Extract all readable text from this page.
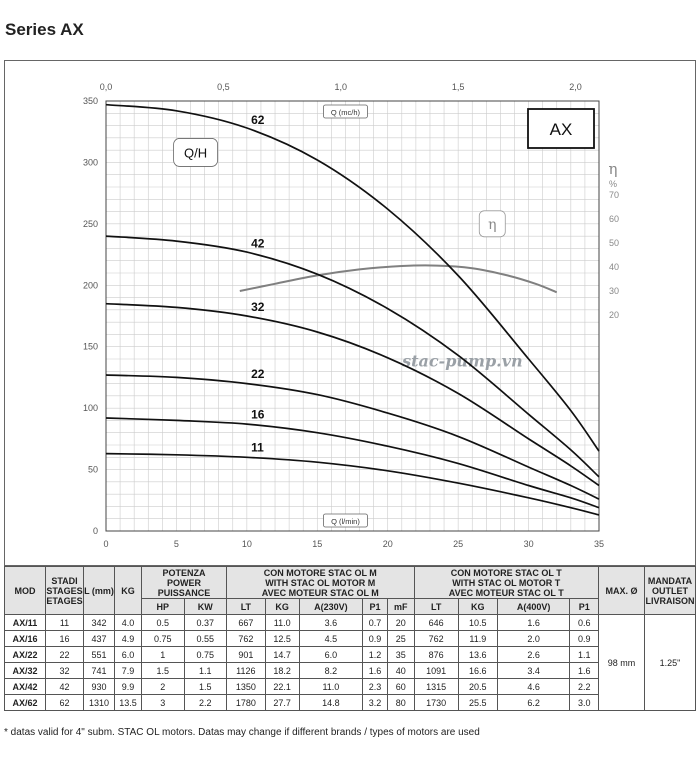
Series AX
0
50
100
150
200
250
300
350
0	5	10	15	20	25	30	35
0,0	0,5	1,0	1,5	2,0
Q (mc/h)
Q (l/min)
AX
Q/H
η
%
20
30
40
50
60
70
stac-pump.vn
η
62
42
32
22
16
11
MOD	STADI
STAGES
ETAGES	L (mm)	KG	POTENZA
POWER
PUISSANCE		CON MOTORE STAC OL M
WITH STAC OL MOTOR M
AVEC MOTEUR STAC OL M					CON MOTORE STAC OL T
WITH STAC OL MOTOR T
AVEC MOTEUR STAC OL T				MAX. Ø	MANDATA
OUTLET
LIVRAISON
				HP	KW	LT	KG	A(230V)	P1	mF	LT	KG	A(400V)	P1		
AX/11	11	342	4.0	0.5	0.37	667	11.0	3.6	0.7	20	646	10.5	1.6	0.6	98 mm	1.25"
AX/16	16	437	4.9	0.75	0.55	762	12.5	4.5	0.9	25	762	11.9	2.0	0.9		
AX/22	22	551	6.0	1	0.75	901	14.7	6.0	1.2	35	876	13.6	2.6	1.1		
AX/32	32	741	7.9	1.5	1.1	1126	18.2	8.2	1.6	40	1091	16.6	3.4	1.6		
AX/42	42	930	9.9	2	1.5	1350	22.1	11.0	2.3	60	1315	20.5	4.6	2.2		
AX/62	62	1310	13.5	3	2.2	1780	27.7	14.8	3.2	80	1730	25.5	6.2	3.0		
* datas valid for 4" subm. STAC OL motors. Datas may change if different brands / types of motors are used
